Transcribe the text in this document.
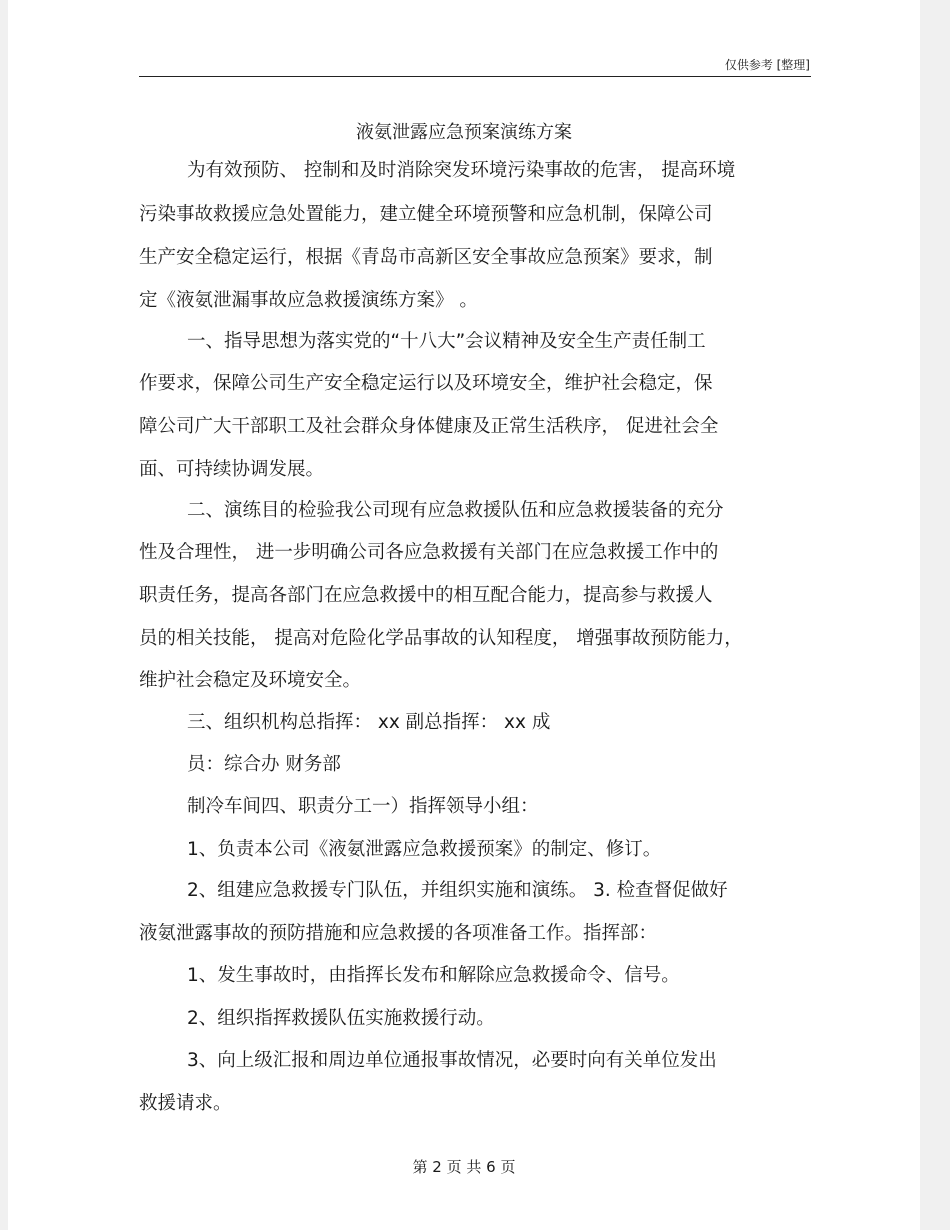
仅供参考 [整理]
液氨泄露应急预案演练方案
为有效预防、 控制和及时消除突发环境污染事故的危害， 提高环境
污染事故救援应急处置能力，建立健全环境预警和应急机制，保障公司
生产安全稳定运行，根据《青岛市高新区安全事故应急预案》要求，制
定《液氨泄漏事故应急救援演练方案》 。
一、指导思想为落实党的“十八大”会议精神及安全生产责任制工
作要求，保障公司生产安全稳定运行以及环境安全，维护社会稳定，保
障公司广大干部职工及社会群众身体健康及正常生活秩序， 促进社会全
面、可持续协调发展。
二、演练目的检验我公司现有应急救援队伍和应急救援装备的充分
性及合理性， 进一步明确公司各应急救援有关部门在应急救援工作中的
职责任务，提高各部门在应急救援中的相互配合能力，提高参与救援人
员的相关技能， 提高对危险化学品事故的认知程度， 增强事故预防能力，
维护社会稳定及环境安全。
三、组织机构总指挥： xx 副总指挥： xx 成
员：综合办 财务部
制冷车间四、职责分工一）指挥领导小组：
1、负责本公司《液氨泄露应急救援预案》的制定、修订。
2、组建应急救援专门队伍，并组织实施和演练。 3. 检查督促做好
液氨泄露事故的预防措施和应急救援的各项准备工作。指挥部：
1、发生事故时，由指挥长发布和解除应急救援命令、信号。
2、组织指挥救援队伍实施救援行动。
3、向上级汇报和周边单位通报事故情况，必要时向有关单位发出
救援请求。
第 2 页 共 6 页
